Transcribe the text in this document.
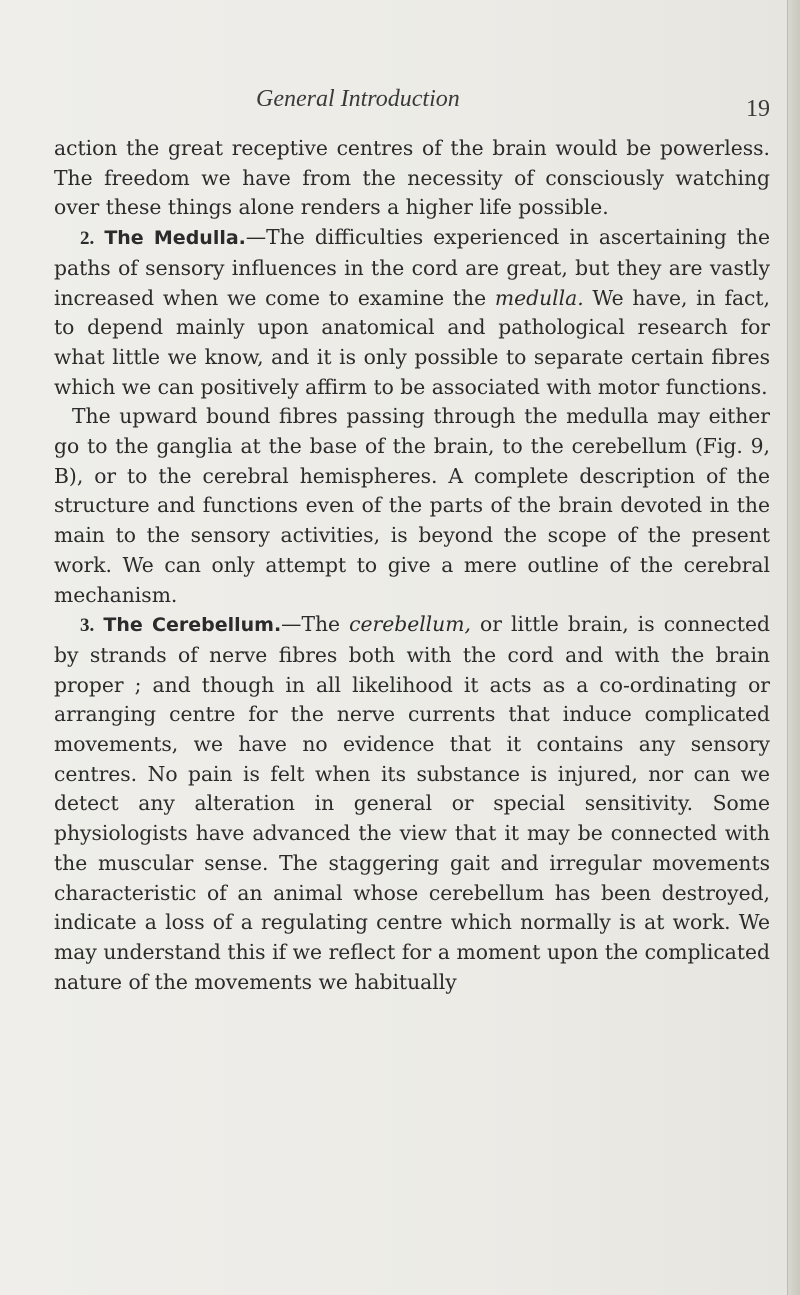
General Introduction	19

action the great receptive centres of the brain would be powerless. The freedom we have from the necessity of consciously watching over these things alone renders a higher life possible.

2. The Medulla.—The difficulties experienced in ascertaining the paths of sensory influences in the cord are great, but they are vastly increased when we come to examine the medulla. We have, in fact, to depend mainly upon anatomical and pathological research for what little we know, and it is only possible to separate certain fibres which we can positively affirm to be associated with motor functions.

The upward bound fibres passing through the medulla may either go to the ganglia at the base of the brain, to the cerebellum (Fig. 9, B), or to the cerebral hemispheres. A complete description of the structure and functions even of the parts of the brain devoted in the main to the sensory activities, is beyond the scope of the present work. We can only attempt to give a mere outline of the cerebral mechanism.

3. The Cerebellum.—The cerebellum, or little brain, is connected by strands of nerve fibres both with the cord and with the brain proper ; and though in all likelihood it acts as a co-ordinating or arranging centre for the nerve currents that induce complicated movements, we have no evidence that it contains any sensory centres. No pain is felt when its substance is injured, nor can we detect any alteration in general or special sensitivity. Some physiologists have advanced the view that it may be connected with the muscular sense. The staggering gait and irregular movements characteristic of an animal whose cerebellum has been destroyed, indicate a loss of a regulating centre which normally is at work. We may understand this if we reflect for a moment upon the complicated nature of the movements we habitually
